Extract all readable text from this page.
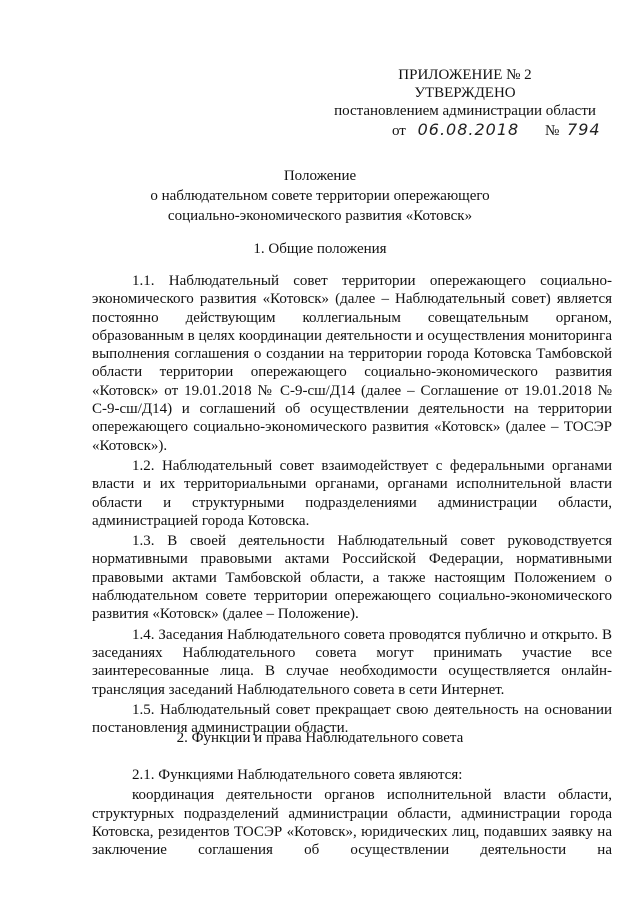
ПРИЛОЖЕНИЕ № 2
УТВЕРЖДЕНО
постановлением администрации области
от 06.08.2018 № 794
Положение
о наблюдательном совете территории опережающего
социально-экономического развития «Котовск»
1. Общие положения

1.1. Наблюдательный совет территории опережающего социально-экономического развития «Котовск» (далее – Наблюдательный совет) является постоянно действующим коллегиальным совещательным органом, образованным в целях координации деятельности и осуществления мониторинга выполнения соглашения о создании на территории города Котовска Тамбовской области территории опережающего социально-экономического развития «Котовск» от 19.01.2018 № С-9-сш/Д14 (далее – Соглашение от 19.01.2018 № С-9-сш/Д14) и соглашений об осуществлении деятельности на территории опережающего социально-экономического развития «Котовск» (далее – ТОСЭР «Котовск»).

1.2. Наблюдательный совет взаимодействует с федеральными органами власти и их территориальными органами, органами исполнительной власти области и структурными подразделениями администрации области, администрацией города Котовска.

1.3. В своей деятельности Наблюдательный совет руководствуется нормативными правовыми актами Российской Федерации, нормативными правовыми актами Тамбовской области, а также настоящим Положением о наблюдательном совете территории опережающего социально-экономического развития «Котовск» (далее – Положение).

1.4. Заседания Наблюдательного совета проводятся публично и открыто. В заседаниях Наблюдательного совета могут принимать участие все заинтересованные лица. В случае необходимости осуществляется онлайн-трансляция заседаний Наблюдательного совета в сети Интернет.

1.5. Наблюдательный совет прекращает свою деятельность на основании постановления администрации области.

2. Функции и права Наблюдательного совета

2.1. Функциями Наблюдательного совета являются:

координация деятельности органов исполнительной власти области, структурных подразделений администрации области, администрации города Котовска, резидентов ТОСЭР «Котовск», юридических лиц, подавших заявку на заключение соглашения об осуществлении деятельности на
